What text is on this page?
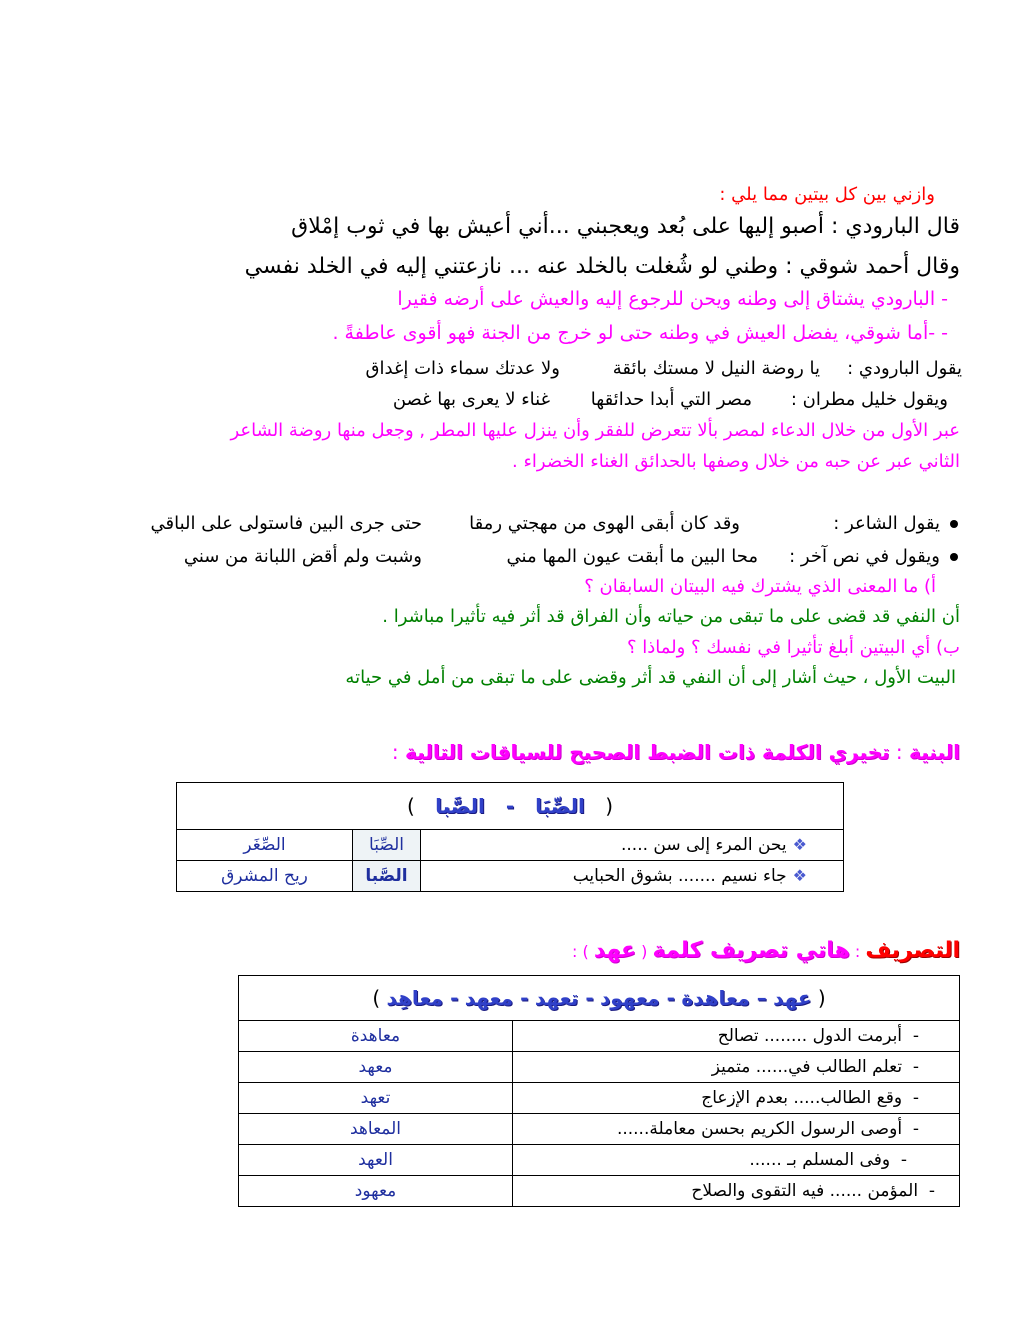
وازني بين كل بيتين مما يلي :
قال البارودي : أصبو إليها على بُعد ويعجبني ...أني أعيش بها في ثوب إمْلاق
وقال أحمد شوقي : وطني لو شُغلت بالخلد عنه ... نازعتني إليه في الخلد نفسي
- البارودي يشتاق إلى وطنه ويحن للرجوع إليه والعيش على أرضه فقيرا
- -أما شوقي، يفضل العيش في وطنه حتى لو خرج من الجنة فهو أقوى عاطفةً .
يقول البارودي :
يا روضة النيل لا مستك بائقة
ولا عدتك سماء ذات إغداق
ويقول خليل مطران :
مصر التي أبدا حدائقها
غناء لا يعرى بها غصن
عبر الأول من خلال الدعاء لمصر بألا تتعرض للفقر وأن ينزل عليها المطر , وجعل منها روضة الشاعر
الثاني عبر عن حبه من خلال وصفها بالحدائق الغناء الخضراء .
يقول الشاعر :
وقد كان أبقى الهوى من مهجتي رمقا
حتى جرى البين فاستولى على الباقي
ويقول في نص آخر :
محا البين ما أبقت عيون المها مني
وشبت ولم أقض اللبانة من سني
أ) ما المعنى الذي يشترك فيه البيتان السابقان ؟
أن النفي قد قضى على ما تبقى من حياته وأن الفراق قد أثر فيه تأثيرا مباشرا .
ب) أي البيتين أبلغ تأثيرا في نفسك ؟ ولماذا ؟
البيت الأول ، حيث أشار إلى أن النفي قد أثر وقضى على ما تبقى من أمل في حياته
البنية : تخيري الكلمة ذات الضبط الصحيح للسياقات التالية :
( الصِّبَا - الصَّبا )		
❖يحن المرء إلى سن .....	الصِّبَا	الصِّغَر
❖جاء نسيم ....... بشوق الحبايب	الصَّبا	ريح المشرق
التصريف : هاتي تصريف كلمة ( عهد ) :
( عهد – معاهدة - معهود - تعهد - معهد - معاهِد )	
-  أبرمت الدول ........ تصالح	معاهدة
-  تعلم الطالب في...... متميز	معهد
-  وقع الطالب..... بعدم الإزعاج	تعهد
-  أوصى الرسول الكريم بحسن معاملة......	المعاهد
-  وفى المسلم بـ ......	العهد
-  المؤمن ...... فيه التقوى والصلاح	معهود
